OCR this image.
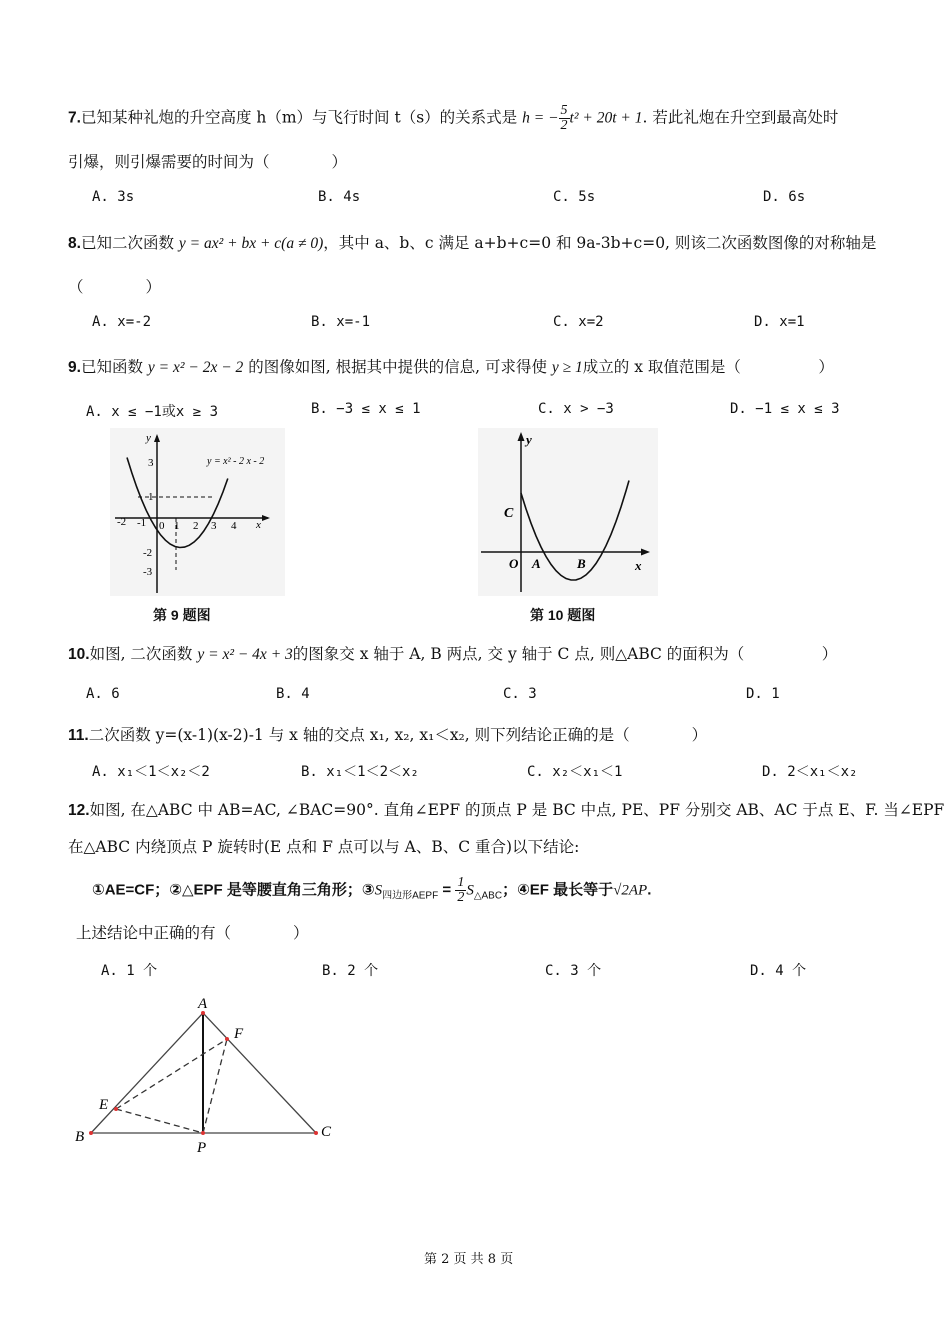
7.已知某种礼炮的升空高度 h（m）与飞行时间 t（s）的关系式是 h = − $\frac{5}{2} t^2 + 20t + 1$. 若此礼炮在升空到最高处时
引爆，则引爆需要的时间为（　　　　）
A. 3s	B. 4s	C. 5s	D. 6s
8.已知二次函数 y = ax² + bx + c(a ≠ 0)，其中 a、b、c 满足 a+b+c=0 和 9a-3b+c=0, 则该二次函数图像的对称轴是
（　　　　）
A. x=-2	B. x=-1	C. x=2	D. x=1
9.已知函数 y = x² − 2x − 2 的图像如图, 根据其中提供的信息, 可求得使 y ≥ 1成立的 x 取值范围是（　　　　　）
A. x ≤ −1或x ≥ 3	B. −3 ≤ x ≤ 1	C. x > −3	D. −1 ≤ x ≤ 3
-2 -1 0 1 2 3 4 x
3
1
-2
-3
y
y = x² - 2 x - 2
第 9 题图
y
x
C
O A	B
第 10 题图
10.如图, 二次函数 y = x² − 4x + 3的图象交 x 轴于 A, B 两点, 交 y 轴于 C 点, 则△ABC 的面积为（　　　　　）
A. 6	B. 4	C. 3	D. 1
11.二次函数 y=(x-1)(x-2)-1 与 x 轴的交点 x₁, x₂, x₁＜x₂, 则下列结论正确的是（　　　　）
A. x₁＜1＜x₂＜2	B. x₁＜1＜2＜x₂	C. x₂＜x₁＜1	D. 2＜x₁＜x₂
12.如图, 在△ABC 中 AB=AC, ∠BAC=90°. 直角∠EPF 的顶点 P 是 BC 中点, PE、PF 分别交 AB、AC 于点 E、F. 当∠EPF
在△ABC 内绕顶点 P 旋转时(E 点和 F 点可以与 A、B、C 重合)以下结论:
①AE=CF；②△EPF 是等腰直角三角形；$③S_{四边形AEPF} = \frac{1}{2} S_{\triangle ABC}$；④EF 最长等于√2AP.
上述结论中正确的有（　　　　）
A. 1 个	B. 2 个	C. 3 个	D. 4 个
A
F
E
B
P
C
第 2 页 共 8 页
